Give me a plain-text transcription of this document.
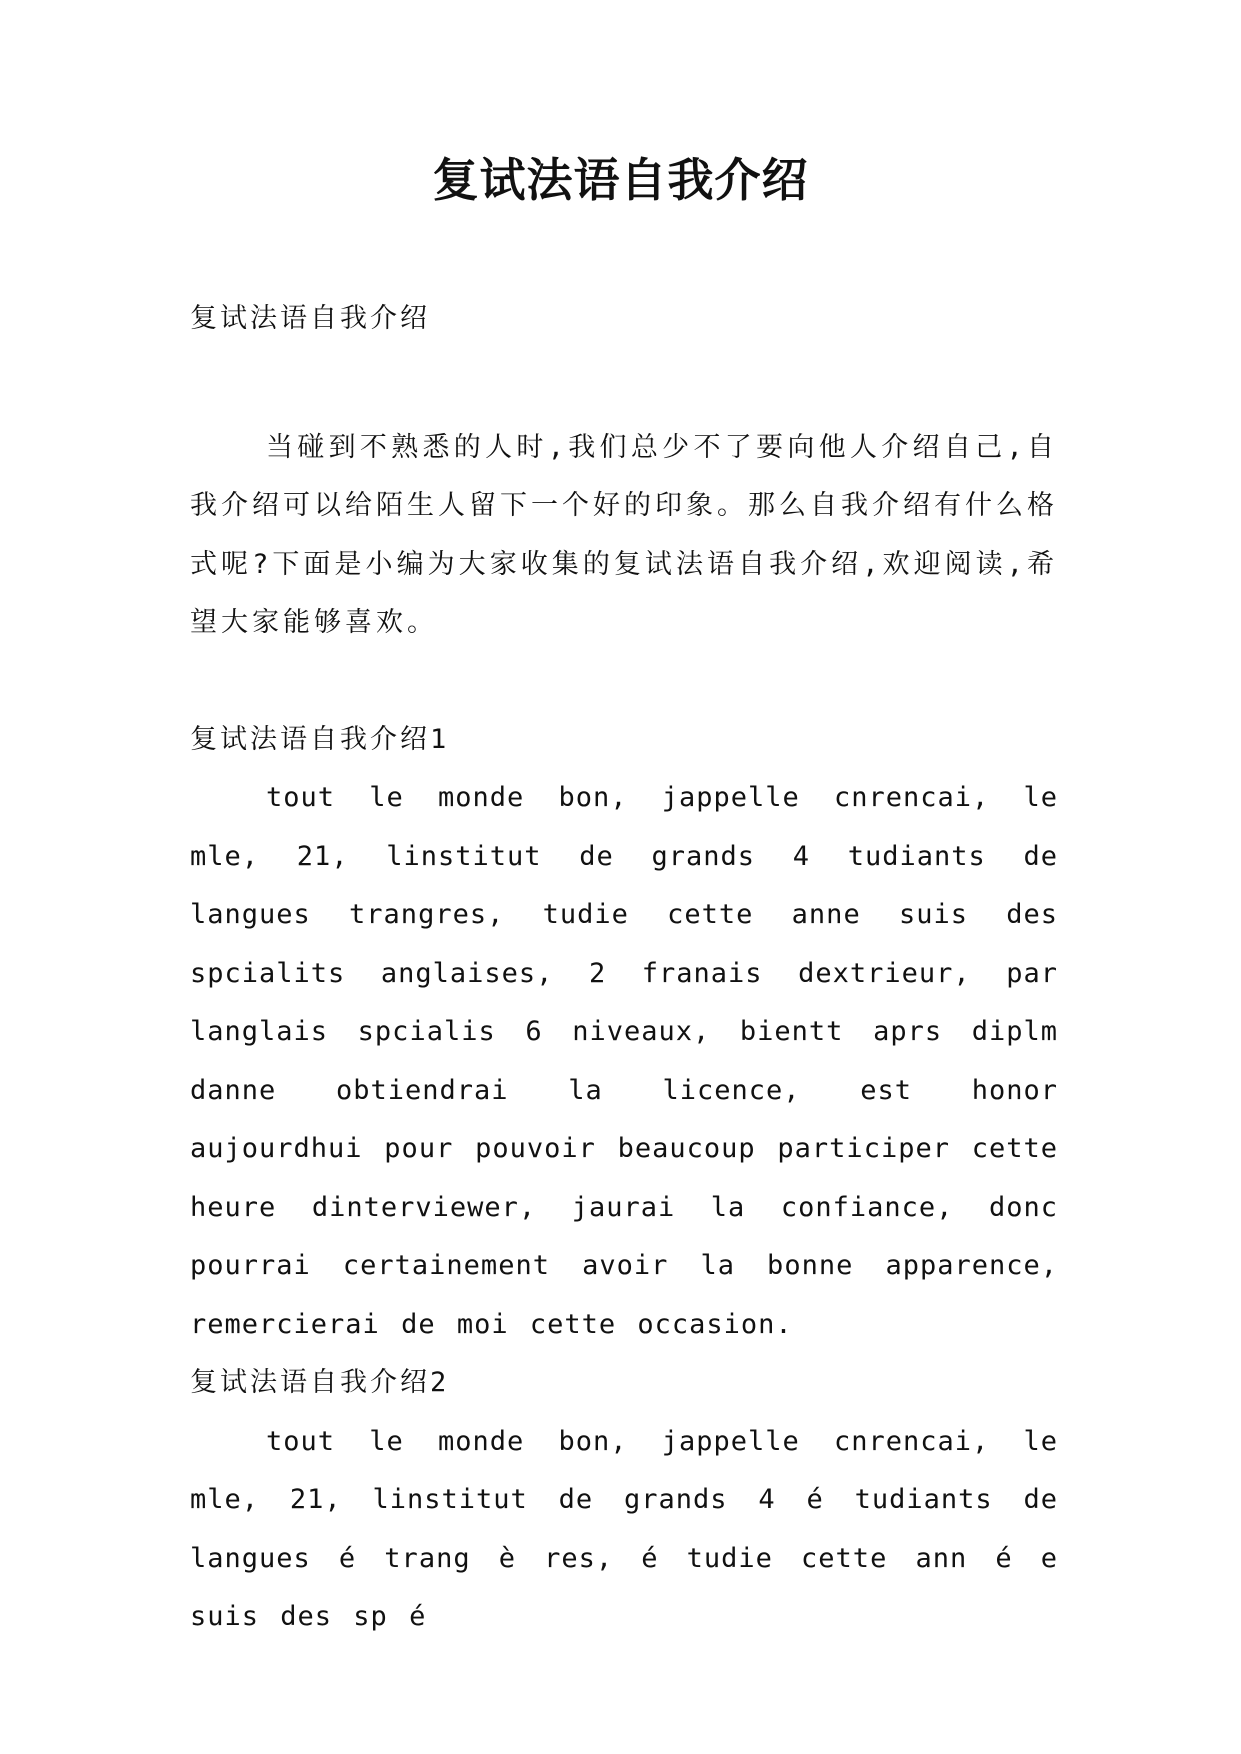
复试法语自我介绍

复试法语自我介绍

当碰到不熟悉的人时,我们总少不了要向他人介绍自己,自我介绍可以给陌生人留下一个好的印象。那么自我介绍有什么格式呢?下面是小编为大家收集的复试法语自我介绍,欢迎阅读,希望大家能够喜欢。

复试法语自我介绍1

tout le monde bon, jappelle cnrencai, le mle, 21, linstitut de grands 4 tudiants de langues trangres, tudie cette anne suis des spcialits anglaises, 2 franais dextrieur, par langlais spcialis 6 niveaux, bientt aprs diplm danne obtiendrai la licence, est honor aujourdhui pour pouvoir beaucoup participer cette heure dinterviewer, jaurai la confiance, donc pourrai certainement avoir la bonne apparence, remercierai de moi cette occasion.

复试法语自我介绍2

tout le monde bon, jappelle cnrencai, le mle, 21, linstitut de grands 4 é tudiants de langues é trang è res, é tudie cette ann é e suis des sp é
